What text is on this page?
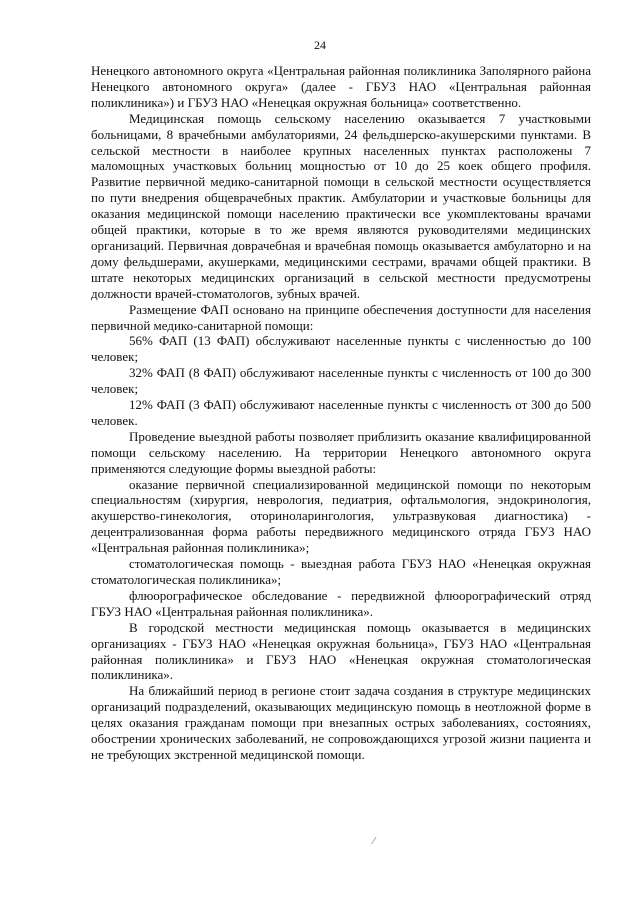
24

Ненецкого автономного округа «Центральная районная поликлиника Заполярного района Ненецкого автономного округа» (далее - ГБУЗ НАО «Центральная районная поликлиника») и ГБУЗ НАО «Ненецкая окружная больница» соответственно.

Медицинская помощь сельскому населению оказывается 7 участковыми больницами, 8 врачебными амбулаториями, 24 фельдшерско-акушерскими пунктами. В сельской местности в наиболее крупных населенных пунктах расположены 7 маломощных участковых больниц мощностью от 10 до 25 коек общего профиля. Развитие первичной медико-санитарной помощи в сельской местности осуществляется по пути внедрения общеврачебных практик. Амбулатории и участковые больницы для оказания медицинской помощи населению практически все укомплектованы врачами общей практики, которые в то же время являются руководителями медицинских организаций. Первичная доврачебная и врачебная помощь оказывается амбулаторно и на дому фельдшерами, акушерками, медицинскими сестрами, врачами общей практики. В штате некоторых медицинских организаций в сельской местности предусмотрены должности врачей-стоматологов, зубных врачей.

Размещение ФАП основано на принципе обеспечения доступности для населения первичной медико-санитарной помощи:

56% ФАП (13 ФАП) обслуживают населенные пункты с численностью до 100 человек;

32% ФАП (8 ФАП) обслуживают населенные пункты с численность от 100 до 300 человек;

12% ФАП (3 ФАП) обслуживают населенные пункты с численность от 300 до 500 человек.

Проведение выездной работы позволяет приблизить оказание квалифицированной помощи сельскому населению. На территории Ненецкого автономного округа применяются следующие формы выездной работы:

оказание первичной специализированной медицинской помощи по некоторым специальностям (хирургия, неврология, педиатрия, офтальмология, эндокринология, акушерство-гинекология, оториноларингология, ультразвуковая диагностика) - децентрализованная форма работы передвижного медицинского отряда ГБУЗ НАО «Центральная районная поликлиника»;

стоматологическая помощь - выездная работа ГБУЗ НАО «Ненецкая окружная стоматологическая поликлиника»;

флюорографическое обследование - передвижной флюорографический отряд ГБУЗ НАО «Центральная районная поликлиника».

В городской местности медицинская помощь оказывается в медицинских организациях - ГБУЗ НАО «Ненецкая окружная больница», ГБУЗ НАО «Центральная районная поликлиника» и ГБУЗ НАО «Ненецкая окружная стоматологическая поликлиника».

На ближайший период в регионе стоит задача создания в структуре медицинских организаций подразделений, оказывающих медицинскую помощь в неотложной форме в целях оказания гражданам помощи при внезапных острых заболеваниях, состояниях, обострении хронических заболеваний, не сопровождающихся угрозой жизни пациента и не требующих экстренной медицинской помощи.

⁄
